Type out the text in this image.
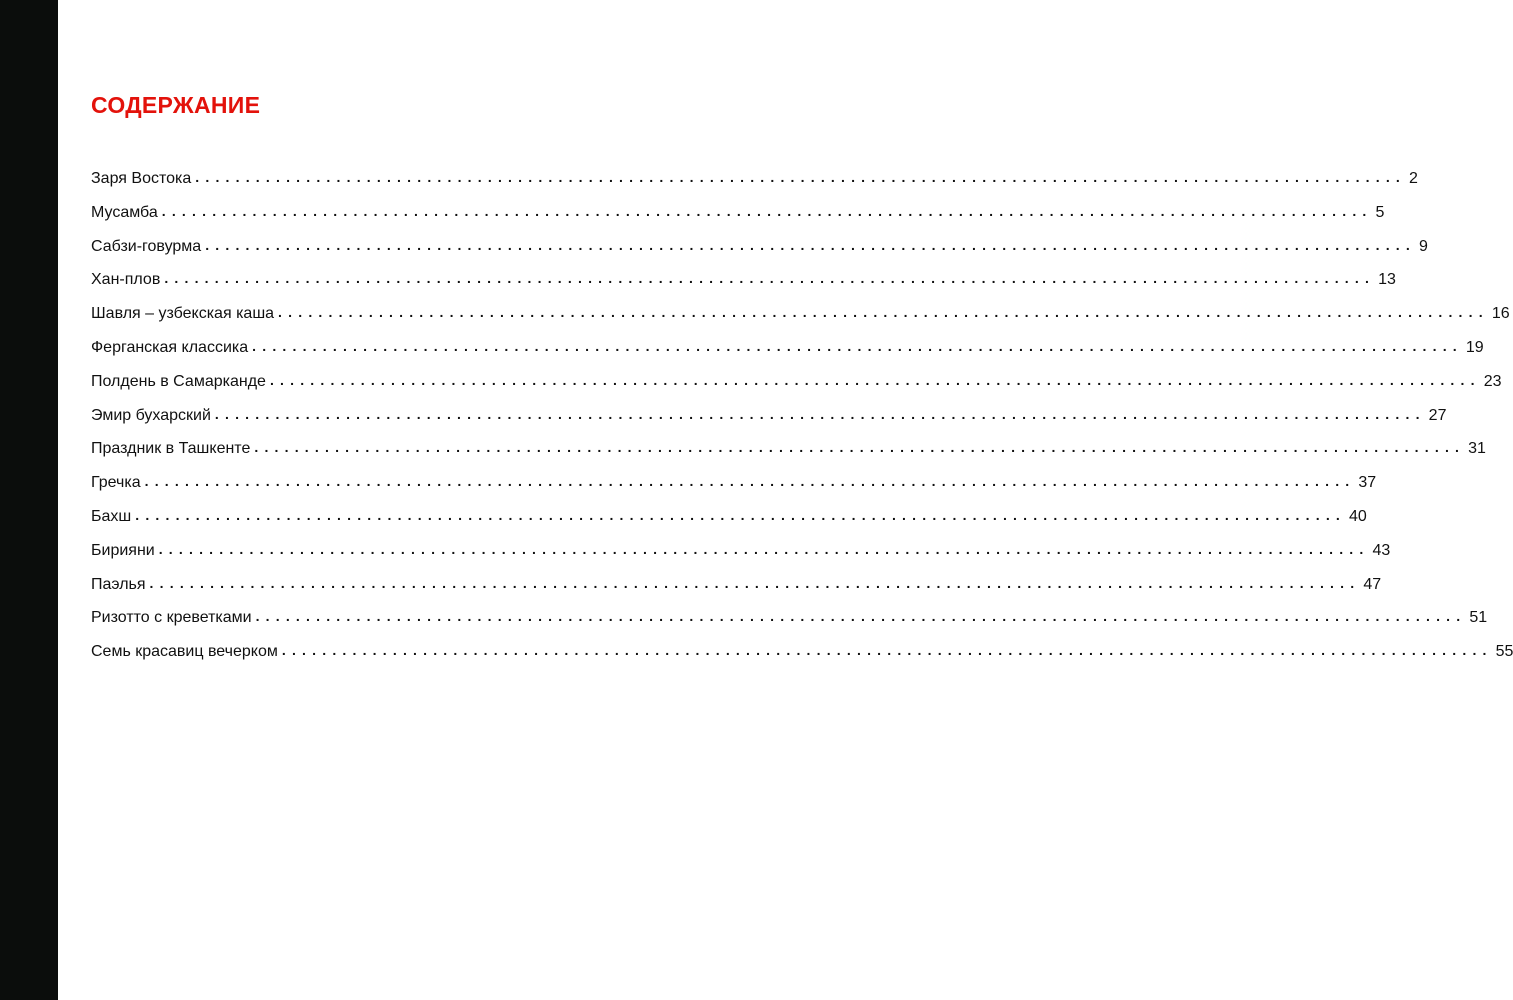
СОДЕРЖАНИЕ
Заря Востока ........................................................................................................................ 2
Мусамба ........................................................................................................................ 5
Сабзи-говурма ........................................................................................................................ 9
Хан-плов ........................................................................................................................ 13
Шавля – узбекская каша ........................................................................................................................ 16
Ферганская классика ........................................................................................................................ 19
Полдень в Самарканде ........................................................................................................................ 23
Эмир бухарский ........................................................................................................................ 27
Праздник в Ташкенте ........................................................................................................................ 31
Гречка ........................................................................................................................ 37
Бахш ........................................................................................................................ 40
Бирияни ........................................................................................................................ 43
Паэлья ........................................................................................................................ 47
Ризотто с креветками ........................................................................................................................ 51
Семь красавиц вечерком ........................................................................................................................ 55
